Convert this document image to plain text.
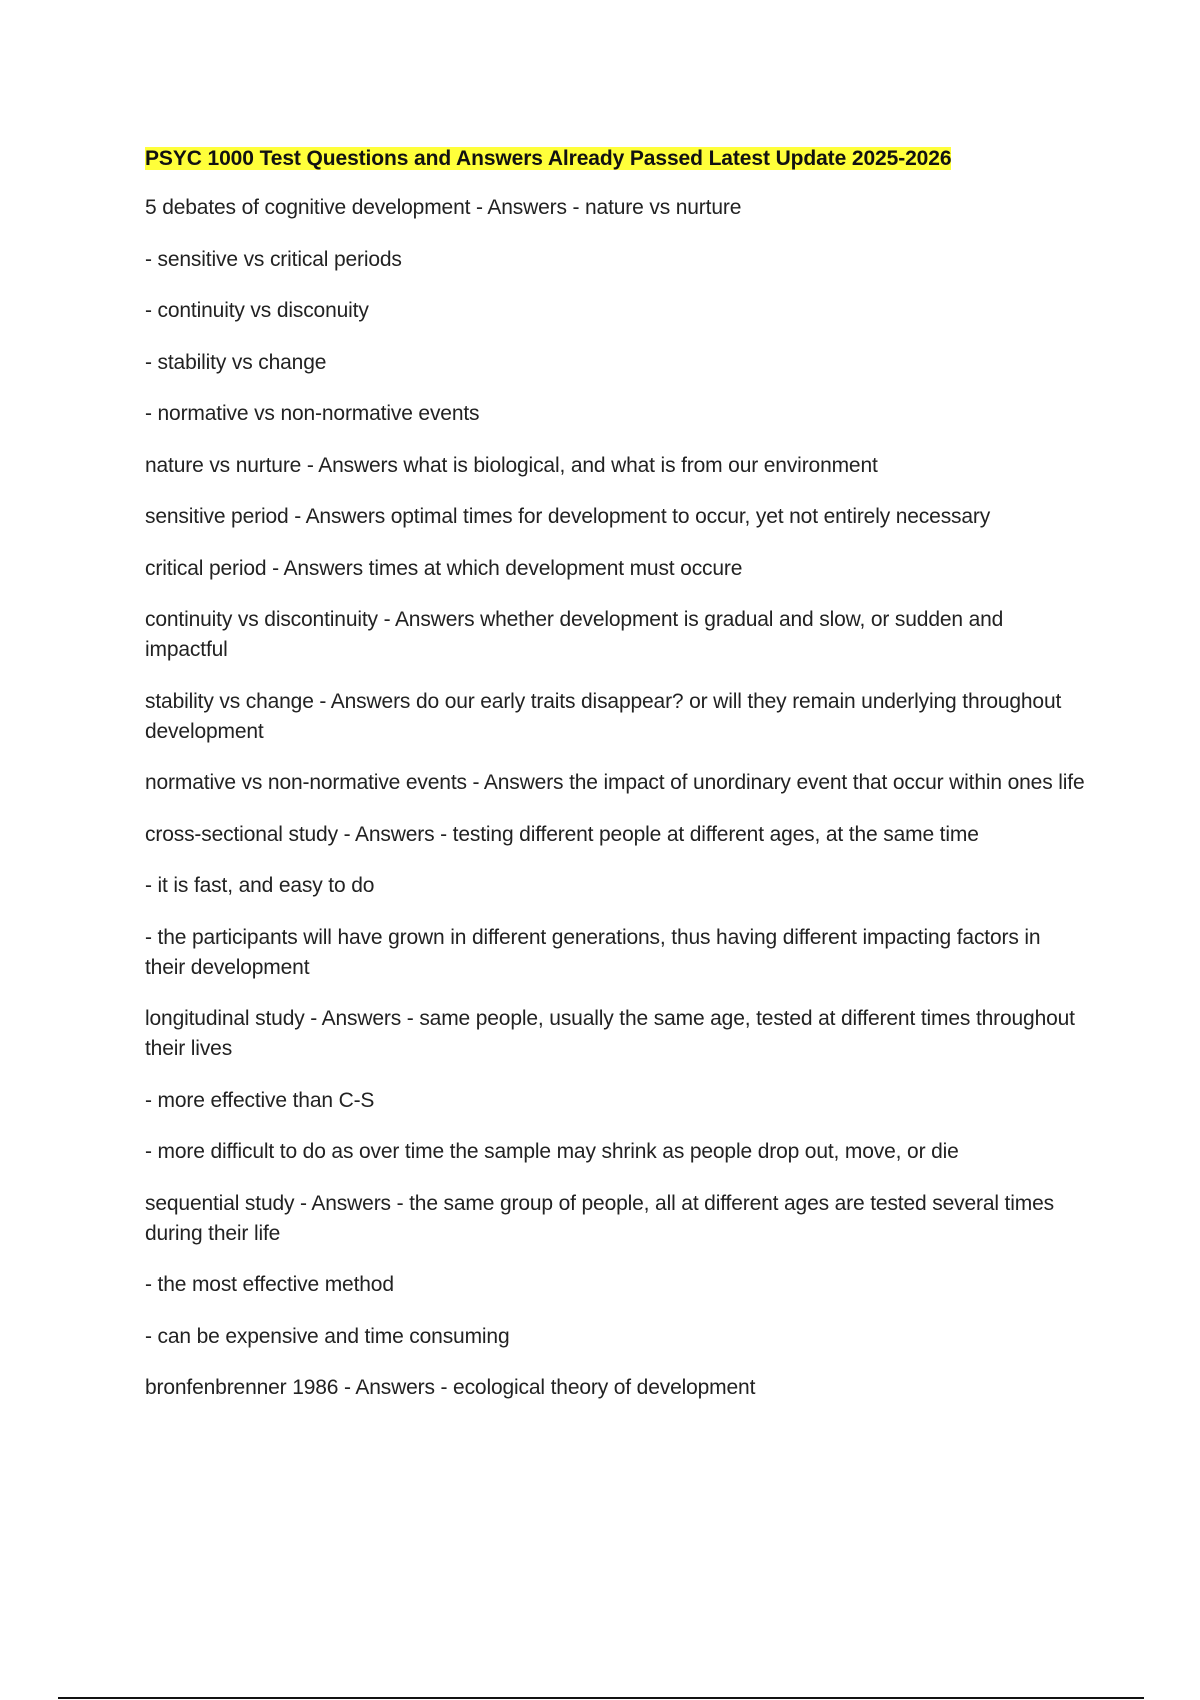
PSYC 1000 Test Questions and Answers Already Passed Latest Update 2025-2026
5 debates of cognitive development - Answers - nature vs nurture
- sensitive vs critical periods
- continuity vs disconuity
- stability vs change
- normative vs non-normative events
nature vs nurture - Answers what is biological, and what is from our environment
sensitive period - Answers optimal times for development to occur, yet not entirely necessary
critical period - Answers times at which development must occure
continuity vs discontinuity - Answers whether development is gradual and slow, or sudden and impactful
stability vs change - Answers do our early traits disappear? or will they remain underlying throughout development
normative vs non-normative events - Answers the impact of unordinary event that occur within ones life
cross-sectional study - Answers - testing different people at different ages, at the same time
- it is fast, and easy to do
- the participants will have grown in different generations, thus having different impacting factors in their development
longitudinal study - Answers - same people, usually the same age, tested at different times throughout their lives
- more effective than C-S
- more difficult to do as over time the sample may shrink as people drop out, move, or die
sequential study - Answers - the same group of people, all at different ages are tested several times during their life
- the most effective method
- can be expensive and time consuming
bronfenbrenner 1986 - Answers - ecological theory of development
